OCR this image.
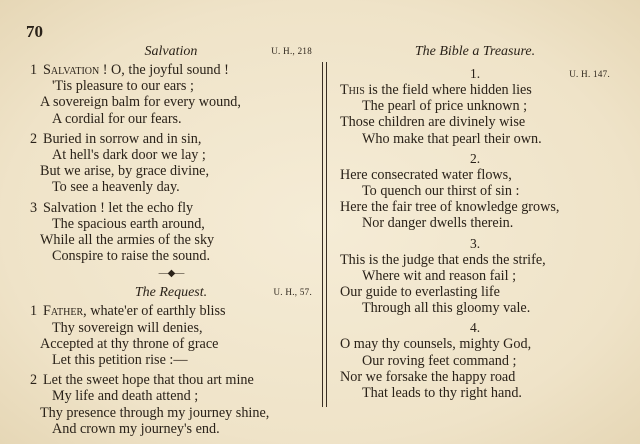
70
Salvation	U. H., 218
1 Salvation ! O, the joyful sound !
'Tis pleasure to our ears ;
A sovereign balm for every wound,
A cordial for our fears.
2 Buried in sorrow and in sin,
At hell's dark door we lay ;
But we arise, by grace divine,
To see a heavenly day.
3 Salvation ! let the echo fly
The spacious earth around,
While all the armies of the sky
Conspire to raise the sound.
—◆—
The Request.	U. H., 57.
1 Father, whate'er of earthly bliss
Thy sovereign will denies,
Accepted at thy throne of grace
Let this petition rise :—
2 Let the sweet hope that thou art mine
My life and death attend ;
Thy presence through my journey shine,
And crown my journey's end.
The Bible a Treasure.
1.	U. H. 147.
This is the field where hidden lies
The pearl of price unknown ;
Those children are divinely wise
Who make that pearl their own.
2.
Here consecrated water flows,
To quench our thirst of sin :
Here the fair tree of knowledge grows,
Nor danger dwells therein.
3.
This is the judge that ends the strife,
Where wit and reason fail ;
Our guide to everlasting life
Through all this gloomy vale.
4.
O may thy counsels, mighty God,
Our roving feet command ;
Nor we forsake the happy road
That leads to thy right hand.
